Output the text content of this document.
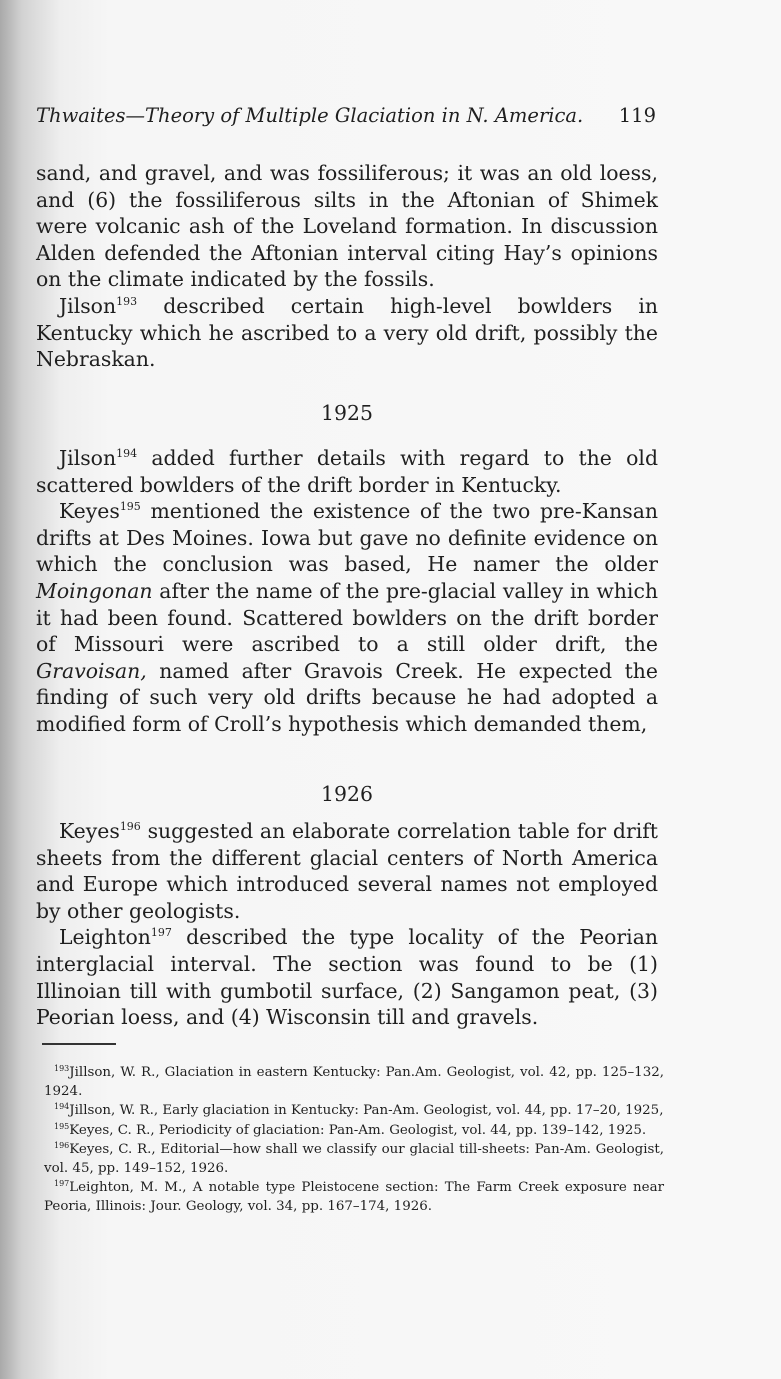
Thwaites—Theory of Multiple Glaciation in N. America. 119

sand, and gravel, and was fossiliferous; it was an old loess, and (6) the fossiliferous silts in the Aftonian of Shimek were volcanic ash of the Loveland formation. In discussion Alden defended the Aftonian interval citing Hay’s opinions on the climate indicated by the fossils.

Jilson$^{193}$ described certain high-level bowlders in Kentucky which he ascribed to a very old drift, possibly the Nebraskan.

1925

Jilson$^{194}$ added further details with regard to the old scattered bowlders of the drift border in Kentucky.

Keyes$^{195}$ mentioned the existence of the two pre-Kansan drifts at Des Moines. Iowa but gave no definite evidence on which the conclusion was based, He namer the older Moingonan after the name of the pre-glacial valley in which it had been found. Scattered bowlders on the drift border of Missouri were ascribed to a still older drift, the Gravoisan, named after Gravois Creek. He expected the finding of such very old drifts because he had adopted a modified form of Croll’s hypothesis which demanded them,

1926

Keyes$^{196}$ suggested an elaborate correlation table for drift sheets from the different glacial centers of North America and Europe which introduced several names not employed by other geologists.

Leighton$^{197}$ described the type locality of the Peorian interglacial interval. The section was found to be (1) Illinoian till with gumbotil surface, (2) Sangamon peat, (3) Peorian loess, and (4) Wisconsin till and gravels.

$^{193}$Jillson, W. R., Glaciation in eastern Kentucky: Pan.Am. Geologist, vol. 42, pp. 125–132, 1924.

$^{194}$Jillson, W. R., Early glaciation in Kentucky: Pan-Am. Geologist, vol. 44, pp. 17–20, 1925,

$^{195}$Keyes, C. R., Periodicity of glaciation: Pan-Am. Geologist, vol. 44, pp. 139–142, 1925.

$^{196}$Keyes, C. R., Editorial—how shall we classify our glacial till-sheets: Pan-Am. Geologist, vol. 45, pp. 149–152, 1926.

$^{197}$Leighton, M. M., A notable type Pleistocene section: The Farm Creek exposure near Peoria, Illinois: Jour. Geology, vol. 34, pp. 167–174, 1926.
